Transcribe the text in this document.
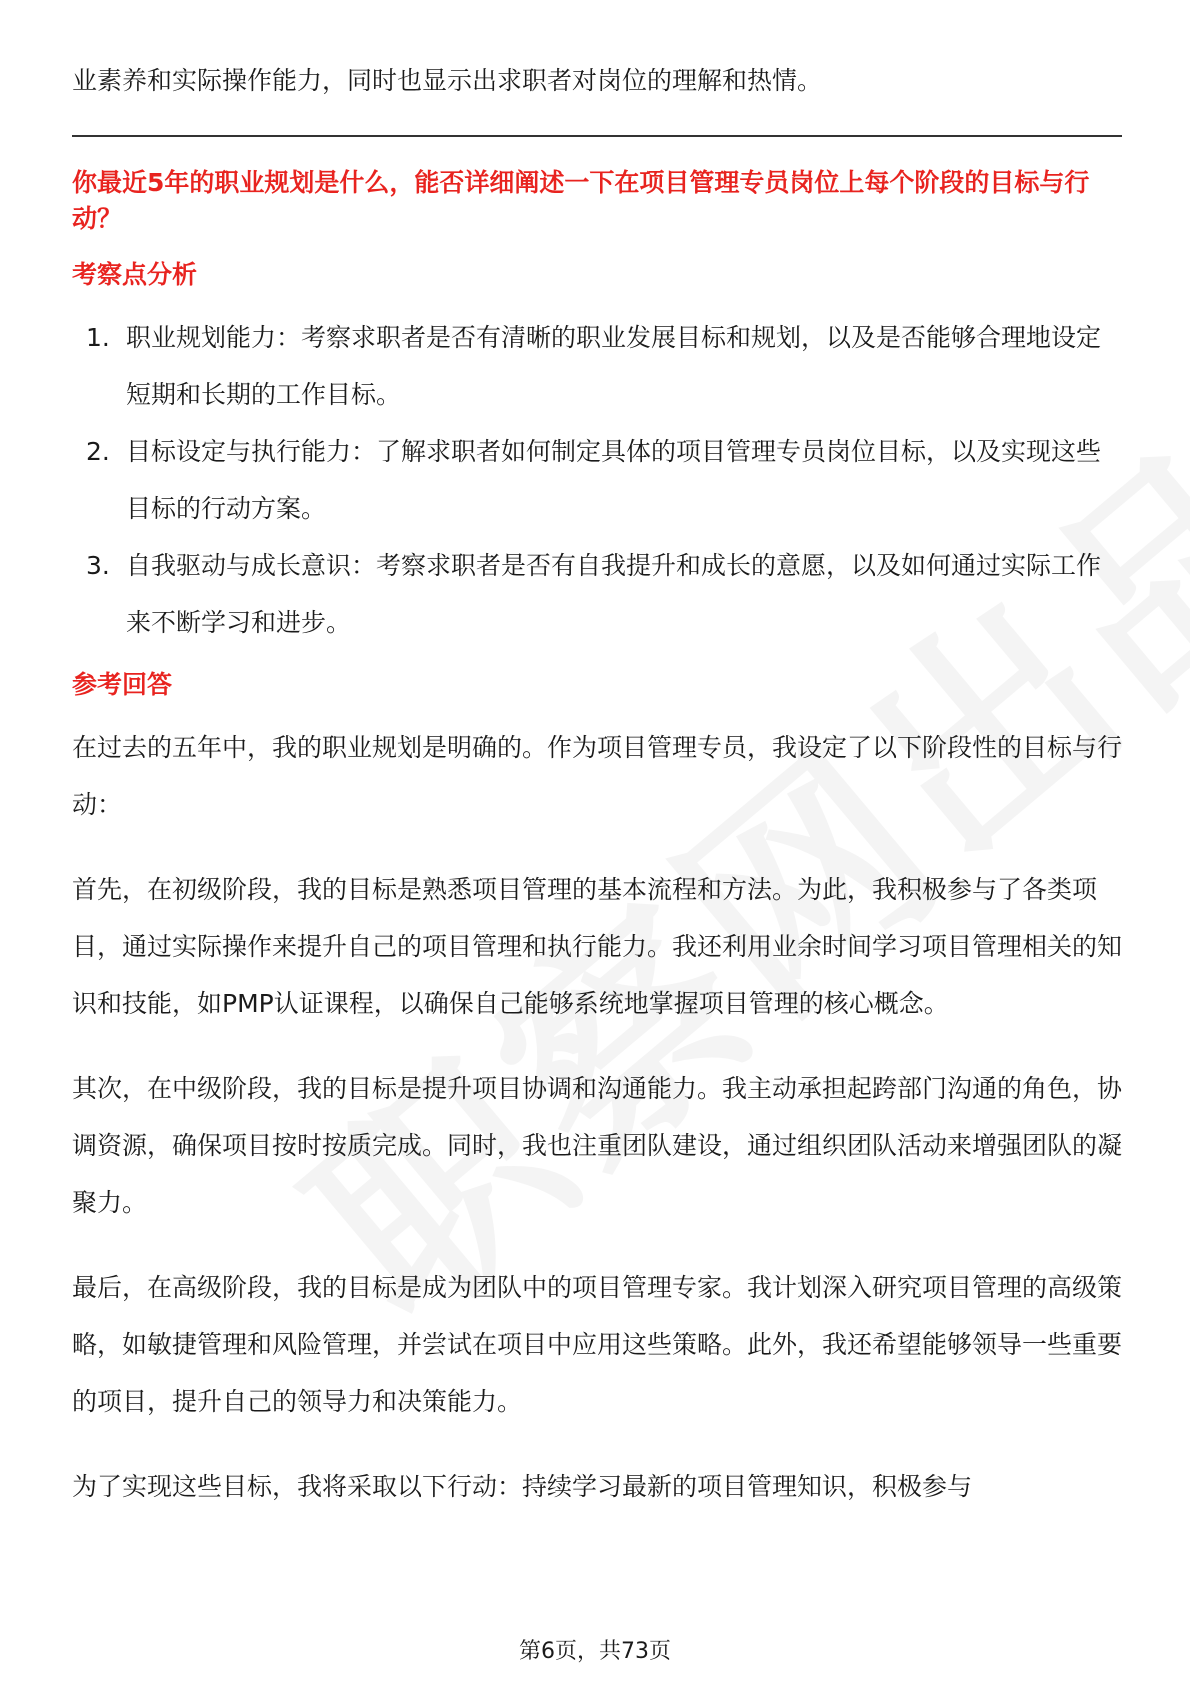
业素养和实际操作能力，同时也显示出求职者对岗位的理解和热情。

你最近5年的职业规划是什么，能否详细阐述一下在项目管理专员岗位上每个阶段的目标与行动？

考察点分析

1. 职业规划能力：考察求职者是否有清晰的职业发展目标和规划，以及是否能够合理地设定短期和长期的工作目标。
2. 目标设定与执行能力：了解求职者如何制定具体的项目管理专员岗位目标，以及实现这些目标的行动方案。
3. 自我驱动与成长意识：考察求职者是否有自我提升和成长的意愿，以及如何通过实际工作来不断学习和进步。

参考回答

在过去的五年中，我的职业规划是明确的。作为项目管理专员，我设定了以下阶段性的目标与行动：

首先，在初级阶段，我的目标是熟悉项目管理的基本流程和方法。为此，我积极参与了各类项目，通过实际操作来提升自己的项目管理和执行能力。我还利用业余时间学习项目管理相关的知识和技能，如PMP认证课程，以确保自己能够系统地掌握项目管理的核心概念。

其次，在中级阶段，我的目标是提升项目协调和沟通能力。我主动承担起跨部门沟通的角色，协调资源，确保项目按时按质完成。同时，我也注重团队建设，通过组织团队活动来增强团队的凝聚力。

最后，在高级阶段，我的目标是成为团队中的项目管理专家。我计划深入研究项目管理的高级策略，如敏捷管理和风险管理，并尝试在项目中应用这些策略。此外，我还希望能够领导一些重要的项目，提升自己的领导力和决策能力。

为了实现这些目标，我将采取以下行动：持续学习最新的项目管理知识，积极参与

第6页，共73页
